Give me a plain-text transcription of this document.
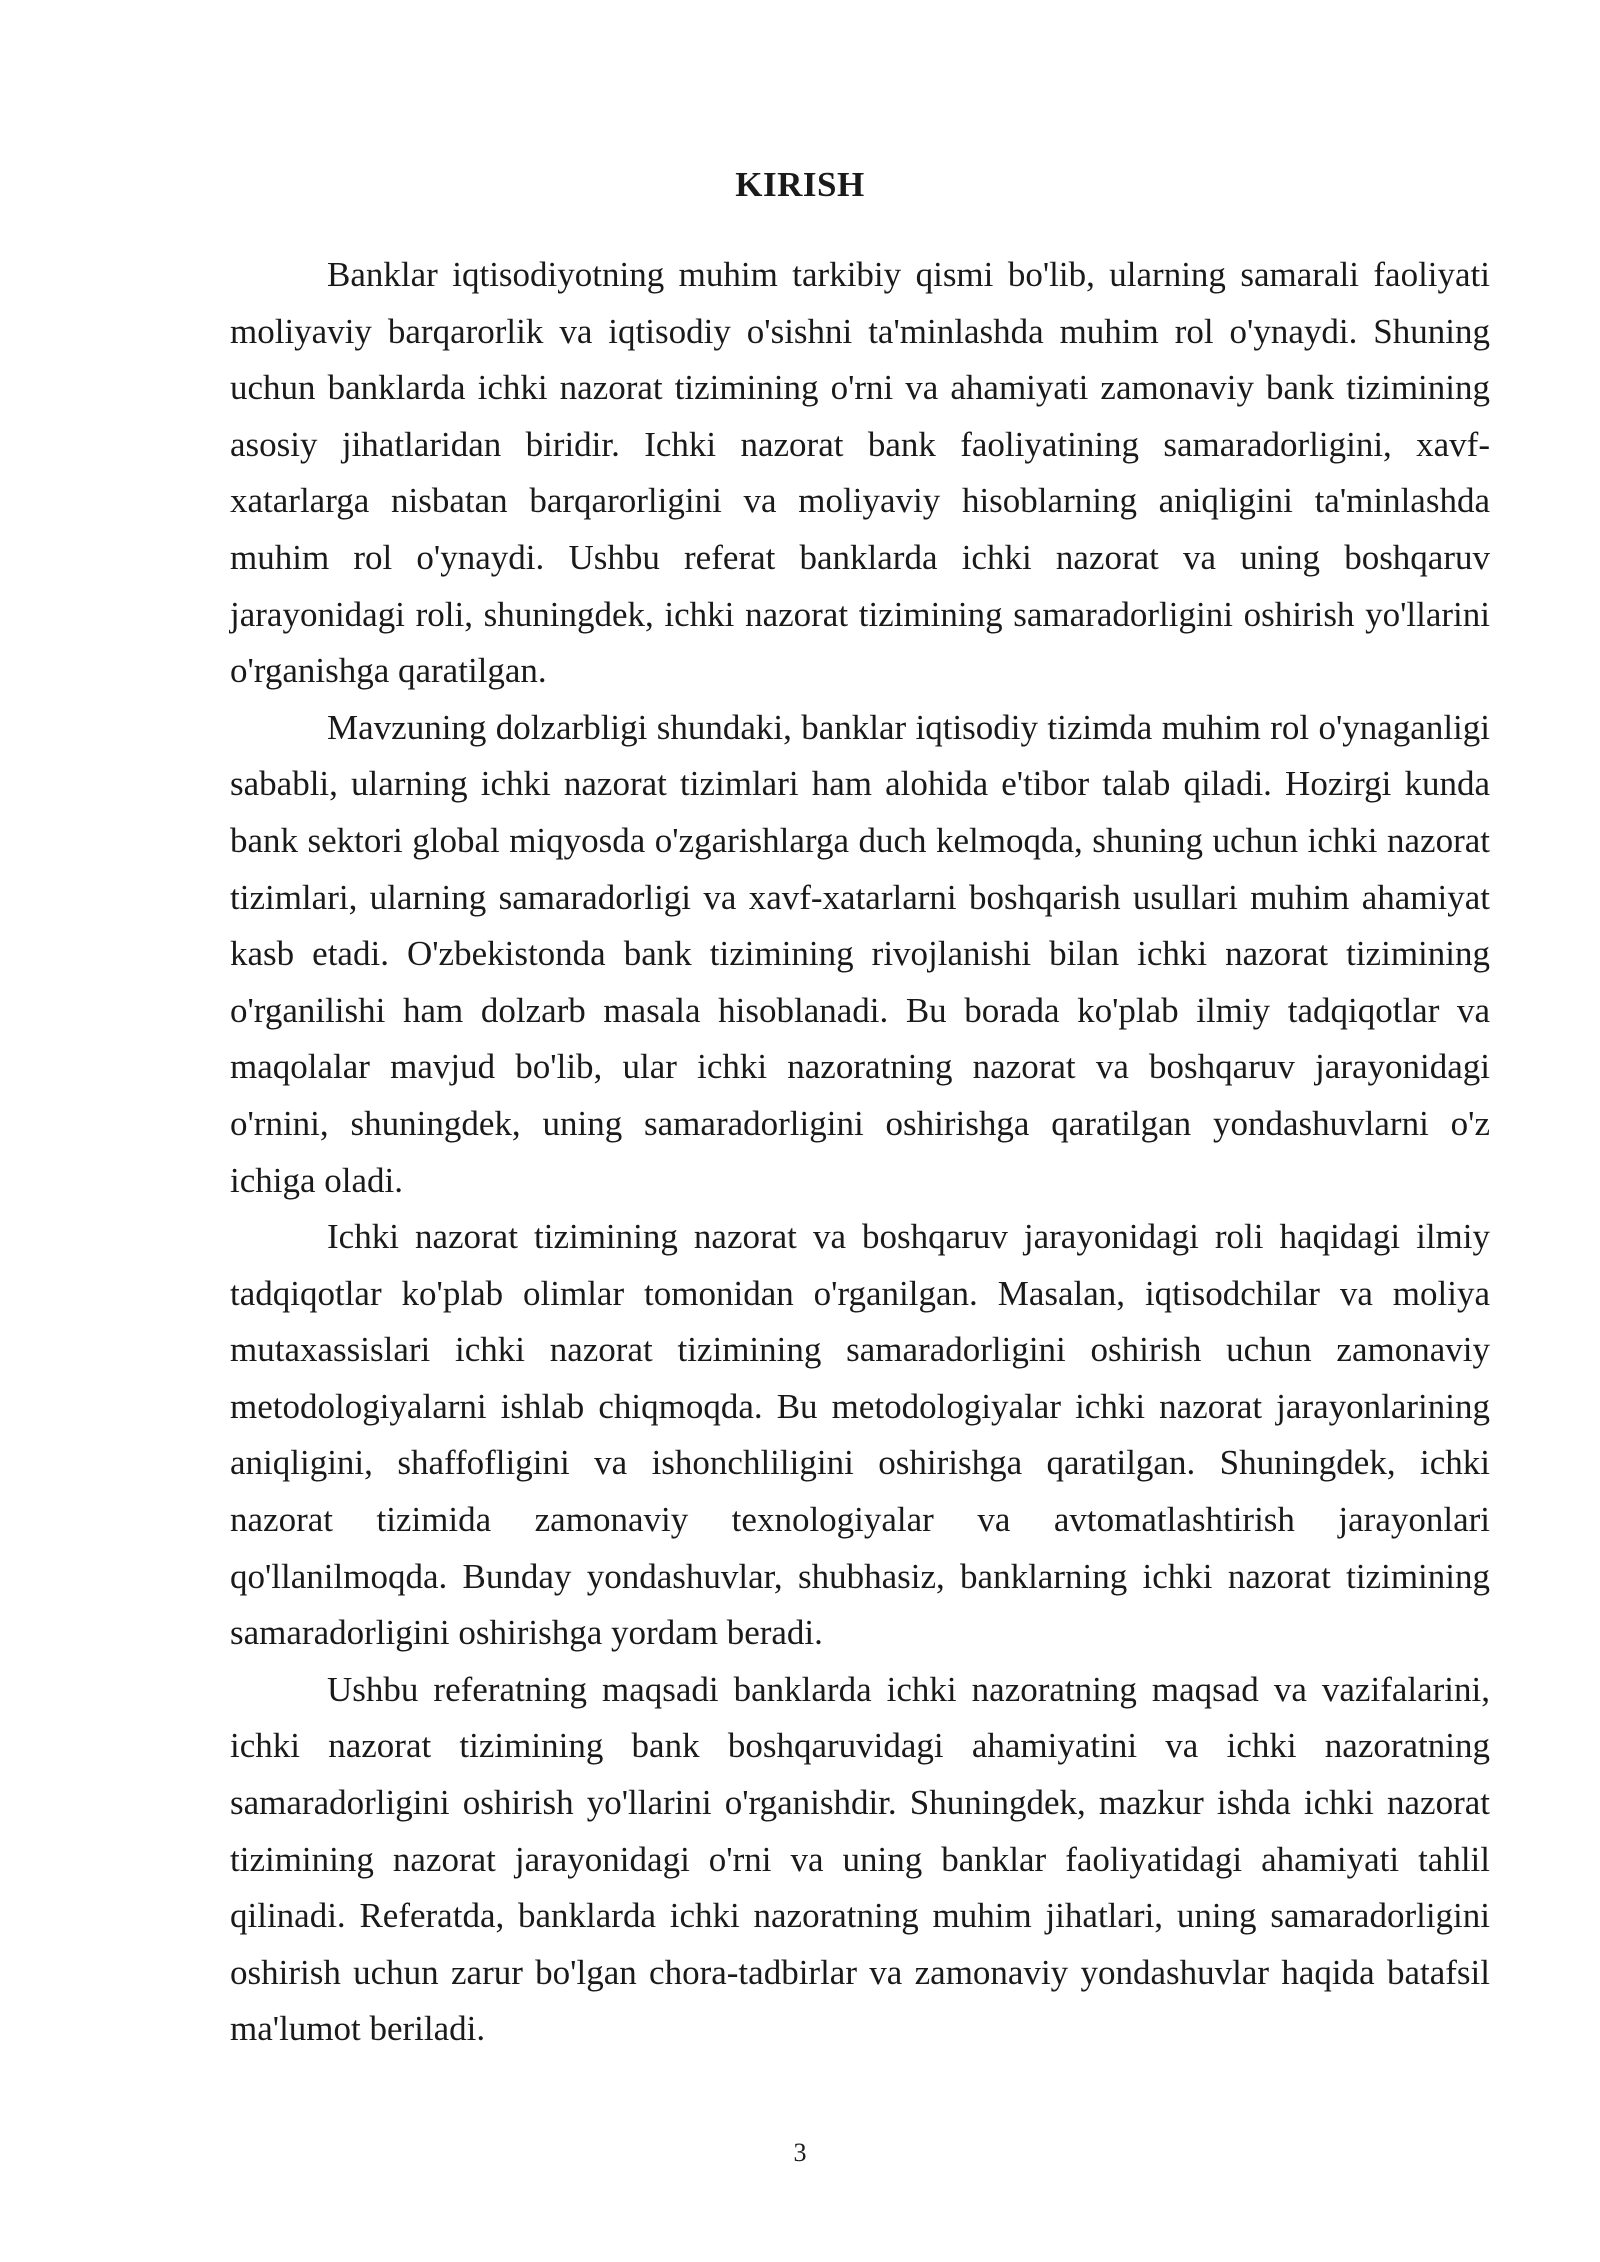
KIRISH

Banklar iqtisodiyotning muhim tarkibiy qismi bo'lib, ularning samarali faoliyati moliyaviy barqarorlik va iqtisodiy o'sishni ta'minlashda muhim rol o'ynaydi. Shuning uchun banklarda ichki nazorat tizimining o'rni va ahamiyati zamonaviy bank tizimining asosiy jihatlaridan biridir. Ichki nazorat bank faoliyatining samaradorligini, xavf-xatarlarga nisbatan barqarorligini va moliyaviy hisoblarning aniqligini ta'minlashda muhim rol o'ynaydi. Ushbu referat banklarda ichki nazorat va uning boshqaruv jarayonidagi roli, shuningdek, ichki nazorat tizimining samaradorligini oshirish yo'llarini o'rganishga qaratilgan.

Mavzuning dolzarbligi shundaki, banklar iqtisodiy tizimda muhim rol o'ynaganligi sababli, ularning ichki nazorat tizimlari ham alohida e'tibor talab qiladi. Hozirgi kunda bank sektori global miqyosda o'zgarishlarga duch kelmoqda, shuning uchun ichki nazorat tizimlari, ularning samaradorligi va xavf-xatarlarni boshqarish usullari muhim ahamiyat kasb etadi. O'zbekistonda bank tizimining rivojlanishi bilan ichki nazorat tizimining o'rganilishi ham dolzarb masala hisoblanadi. Bu borada ko'plab ilmiy tadqiqotlar va maqolalar mavjud bo'lib, ular ichki nazoratning nazorat va boshqaruv jarayonidagi o'rnini, shuningdek, uning samaradorligini oshirishga qaratilgan yondashuvlarni o'z ichiga oladi.

Ichki nazorat tizimining nazorat va boshqaruv jarayonidagi roli haqidagi ilmiy tadqiqotlar ko'plab olimlar tomonidan o'rganilgan. Masalan, iqtisodchilar va moliya mutaxassislari ichki nazorat tizimining samaradorligini oshirish uchun zamonaviy metodologiyalarni ishlab chiqmoqda. Bu metodologiyalar ichki nazorat jarayonlarining aniqligini, shaffofligini va ishonchliligini oshirishga qaratilgan. Shuningdek, ichki nazorat tizimida zamonaviy texnologiyalar va avtomatlashtirish jarayonlari qo'llanilmoqda. Bunday yondashuvlar, shubhasiz, banklarning ichki nazorat tizimining samaradorligini oshirishga yordam beradi.

Ushbu referatning maqsadi banklarda ichki nazoratning maqsad va vazifalarini, ichki nazorat tizimining bank boshqaruvidagi ahamiyatini va ichki nazoratning samaradorligini oshirish yo'llarini o'rganishdir. Shuningdek, mazkur ishda ichki nazorat tizimining nazorat jarayonidagi o'rni va uning banklar faoliyatidagi ahamiyati tahlil qilinadi. Referatda, banklarda ichki nazoratning muhim jihatlari, uning samaradorligini oshirish uchun zarur bo'lgan chora-tadbirlar va zamonaviy yondashuvlar haqida batafsil ma'lumot beriladi.

3
